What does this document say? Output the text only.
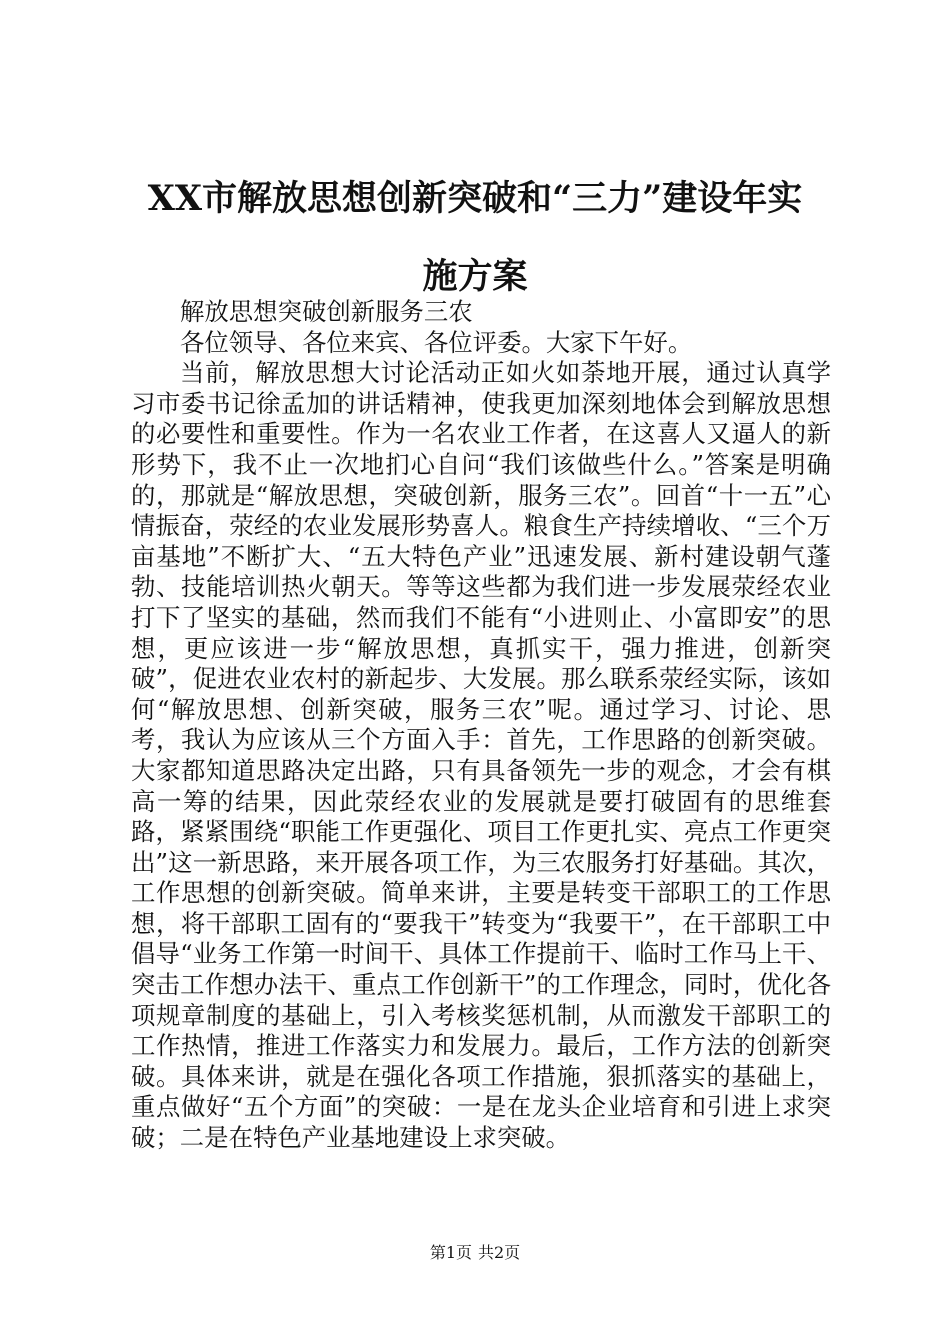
XX市解放思想创新突破和“三力”建设年实
施方案

解放思想突破创新服务三农

各位领导、各位来宾、各位评委。大家下午好。

当前，解放思想大讨论活动正如火如荼地开展，通过认真学习市委书记徐孟加的讲话精神，使我更加深刻地体会到解放思想的必要性和重要性。作为一名农业工作者，在这喜人又逼人的新形势下，我不止一次地扪心自问“我们该做些什么。”答案是明确的，那就是“解放思想，突破创新，服务三农”。回首“十一五”心情振奋，荥经的农业发展形势喜人。粮食生产持续增收、“三个万亩基地”不断扩大、“五大特色产业”迅速发展、新村建设朝气蓬勃、技能培训热火朝天。等等这些都为我们进一步发展荥经农业打下了坚实的基础，然而我们不能有“小进则止、小富即安”的思想，更应该进一步“解放思想，真抓实干，强力推进，创新突破”，促进农业农村的新起步、大发展。那么联系荥经实际，该如何“解放思想、创新突破，服务三农”呢。通过学习、讨论、思考，我认为应该从三个方面入手：首先，工作思路的创新突破。大家都知道思路决定出路，只有具备领先一步的观念，才会有棋高一筹的结果，因此荥经农业的发展就是要打破固有的思维套路，紧紧围绕“职能工作更强化、项目工作更扎实、亮点工作更突出”这一新思路，来开展各项工作，为三农服务打好基础。其次，工作思想的创新突破。简单来讲，主要是转变干部职工的工作思想，将干部职工固有的“要我干”转变为“我要干”，在干部职工中倡导“业务工作第一时间干、具体工作提前干、临时工作马上干、突击工作想办法干、重点工作创新干”的工作理念，同时，优化各项规章制度的基础上，引入考核奖惩机制，从而激发干部职工的工作热情，推进工作落实力和发展力。最后，工作方法的创新突破。具体来讲，就是在强化各项工作措施，狠抓落实的基础上，重点做好“五个方面”的突破：一是在龙头企业培育和引进上求突破；二是在特色产业基地建设上求突破。

第1页 共2页
